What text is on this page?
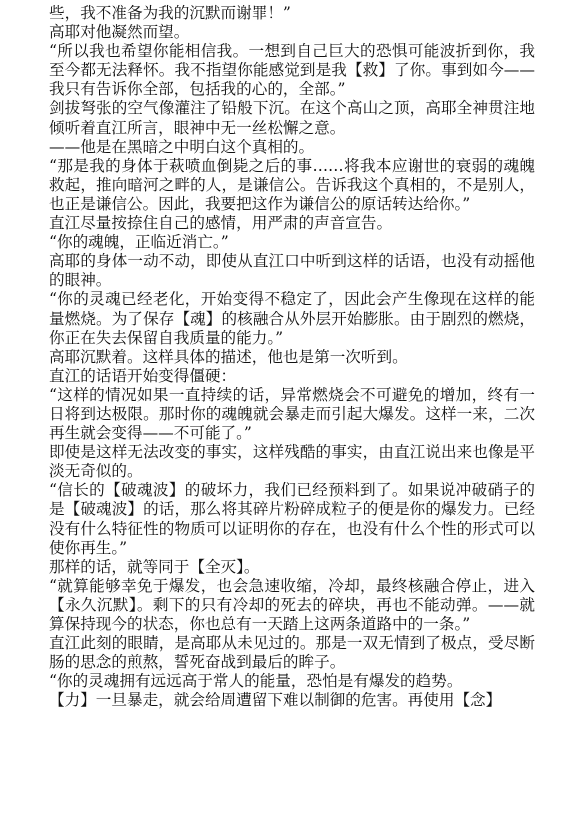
些，我不准备为我的沉默而谢罪！”

高耶对他凝然而望。

“所以我也希望你能相信我。一想到自己巨大的恐惧可能波折到你，我至今都无法释怀。我不指望你能感觉到是我【救】了你。事到如今——我只有告诉你全部，包括我的心的，全部。”

剑拔弩张的空气像灌注了铅般下沉。在这个高山之顶，高耶全神贯注地倾听着直江所言，眼神中无一丝松懈之意。

——他是在黑暗之中明白这个真相的。

“那是我的身体于萩喷血倒毙之后的事……将我本应谢世的衰弱的魂魄救起，推向暗河之畔的人，是谦信公。告诉我这个真相的，不是别人，也正是谦信公。因此，我要把这作为谦信公的原话转达给你。”

直江尽量按捺住自己的感情，用严肃的声音宣告。

“你的魂魄，正临近消亡。”

高耶的身体一动不动，即使从直江口中听到这样的话语，也没有动摇他的眼神。

“你的灵魂已经老化，开始变得不稳定了，因此会产生像现在这样的能量燃烧。为了保存【魂】的核融合从外层开始膨胀。由于剧烈的燃烧，你正在失去保留自我质量的能力。”

高耶沉默着。这样具体的描述，他也是第一次听到。

直江的话语开始变得僵硬：

“这样的情况如果一直持续的话，异常燃烧会不可避免的增加，终有一日将到达极限。那时你的魂魄就会暴走而引起大爆发。这样一来，二次再生就会变得——不可能了。”

即使是这样无法改变的事实，这样残酷的事实，由直江说出来也像是平淡无奇似的。

“信长的【破魂波】的破坏力，我们已经预料到了。如果说冲破硝子的是【破魂波】的话，那么将其碎片粉碎成粒子的便是你的爆发力。已经没有什么特征性的物质可以证明你的存在，也没有什么个性的形式可以使你再生。”

那样的话，就等同于【全灭】。

“就算能够幸免于爆发，也会急速收缩，冷却，最终核融合停止，进入【永久沉默】。剩下的只有冷却的死去的碎块，再也不能动弹。——就算保持现今的状态，你也总有一天踏上这两条道路中的一条。”

直江此刻的眼睛，是高耶从未见过的。那是一双无情到了极点，受尽断肠的思念的煎熬，誓死奋战到最后的眸子。

“你的灵魂拥有远远高于常人的能量，恐怕是有爆发的趋势。

【力】一旦暴走，就会给周遭留下难以制御的危害。再使用【念】
